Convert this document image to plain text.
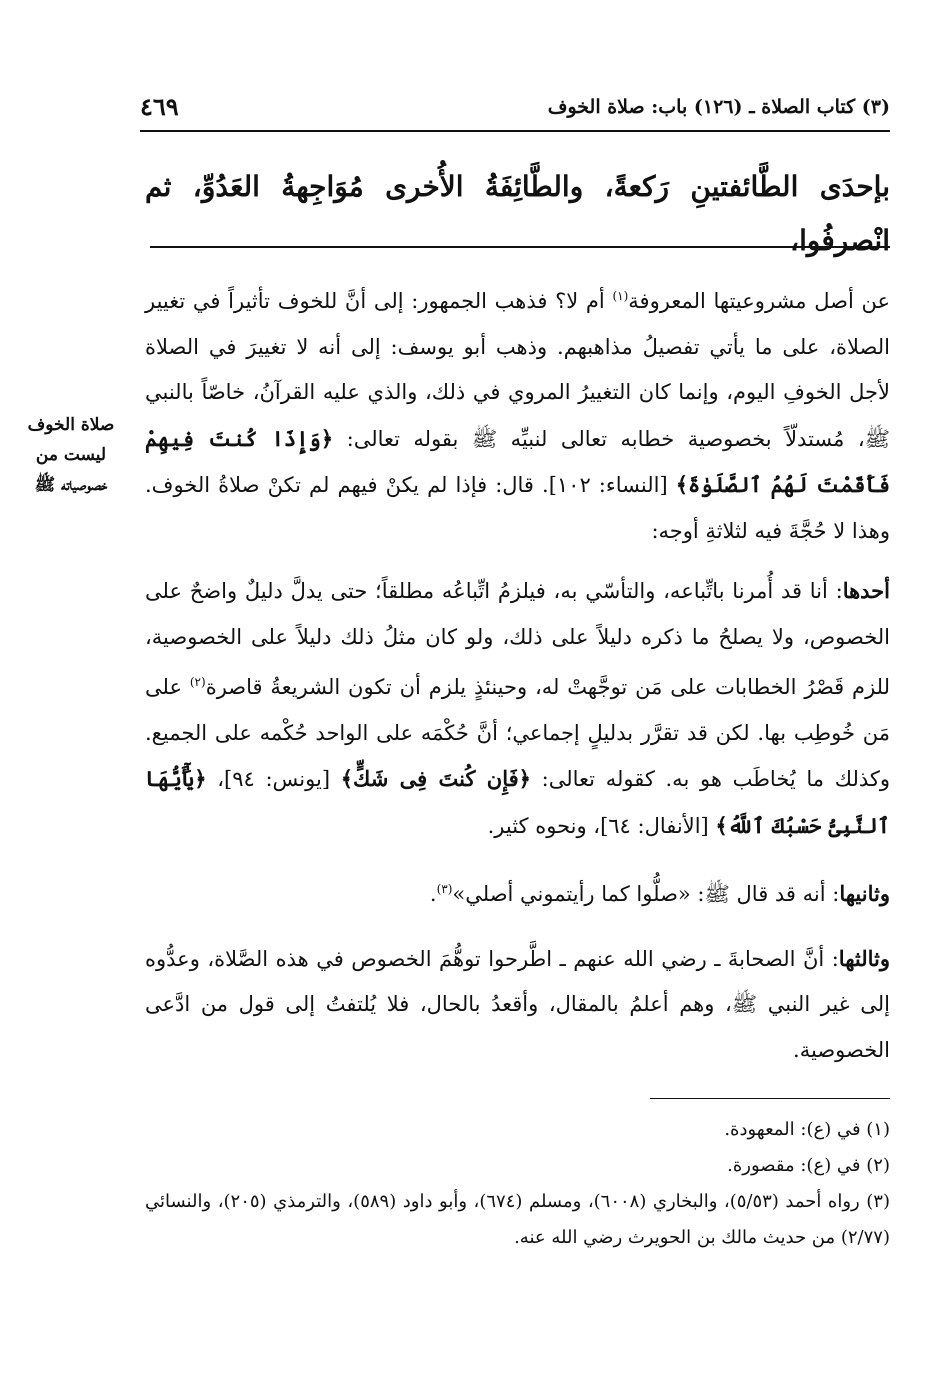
(٣) كتاب الصلاة ـ (١٢٦) باب: صلاة الخوف
٤٦٩
بإحدَى الطَّائفتينِ رَكعةً، والطَّائِفَةُ الأُخرى مُوَاجِهةُ العَدُوِّ، ثم انْصرفُوا،
صلاة الخوف
ليست من
خصوصياته ﷺ

عن أصل مشروعيتها المعروفة$^{(١)}$ أم لا؟ فذهب الجمهور: إلى أنَّ للخوف تأثيراً في تغيير الصلاة، على ما يأتي تفصيلُ مذاهبهم. وذهب أبو يوسف: إلى أنه لا تغييرَ في الصلاة لأجل الخوفِ اليوم، وإنما كان التغييرُ المروي في ذلك، والذي عليه القرآنُ، خاصّاً بالنبي ﷺ، مُستدلّاً بخصوصية خطابه تعالى لنبيِّه ﷺ بقوله تعالى: ﴿وَإِذَا كُنتَ فِيهِمْ فَأَقَمْتَ لَهُمُ ٱلصَّلَوٰةَ﴾ [النساء: ١٠٢]. قال: فإذا لم يكنْ فيهم لم تكنْ صلاةُ الخوف. وهذا لا حُجَّةَ فيه لثلاثةِ أوجه:

أحدها: أنا قد أُمرنا باتِّباعه، والتأسّي به، فيلزمُ اتِّباعُه مطلقاً؛ حتى يدلَّ دليلٌ واضحٌ على الخصوص، ولا يصلحُ ما ذكره دليلاً على ذلك، ولو كان مثلُ ذلك دليلاً على الخصوصية، للزم قَصْرُ الخطابات على مَن توجَّهتْ له، وحينئذٍ يلزم أن تكون الشريعةُ قاصرة$^{(٢)}$ على مَن خُوطِب بها. لكن قد تقرَّر بدليلٍ إجماعي؛ أنَّ حُكْمَه على الواحد حُكْمه على الجميع. وكذلك ما يُخاطَب هو به. كقوله تعالى: ﴿فَإِن كُنتَ فِى شَكٍّ﴾ [يونس: ٩٤]، ﴿يَٰٓأَيُّهَا ٱلنَّبِىُّ حَسْبُكَ ٱللَّهُ﴾ [الأنفال: ٦٤]، ونحوه كثير.

وثانيها: أنه قد قال ﷺ: «صلُّوا كما رأيتموني أصلي»$^{(٣)}$.

وثالثها: أنَّ الصحابةَ ـ رضي الله عنهم ـ اطَّرحوا توهُّمَ الخصوص في هذه الصَّلاة، وعدُّوه إلى غير النبي ﷺ، وهم أعلمُ بالمقال، وأقعدُ بالحال، فلا يُلتفتُ إلى قول من ادَّعى الخصوصية.

(١) في (ع): المعهودة.
(٢) في (ع): مقصورة.
(٣) رواه أحمد (٥/٥٣)، والبخاري (٦٠٠٨)، ومسلم (٦٧٤)، وأبو داود (٥٨٩)، والترمذي (٢٠٥)، والنسائي (٢/٧٧) من حديث مالك بن الحويرث رضي الله عنه.
